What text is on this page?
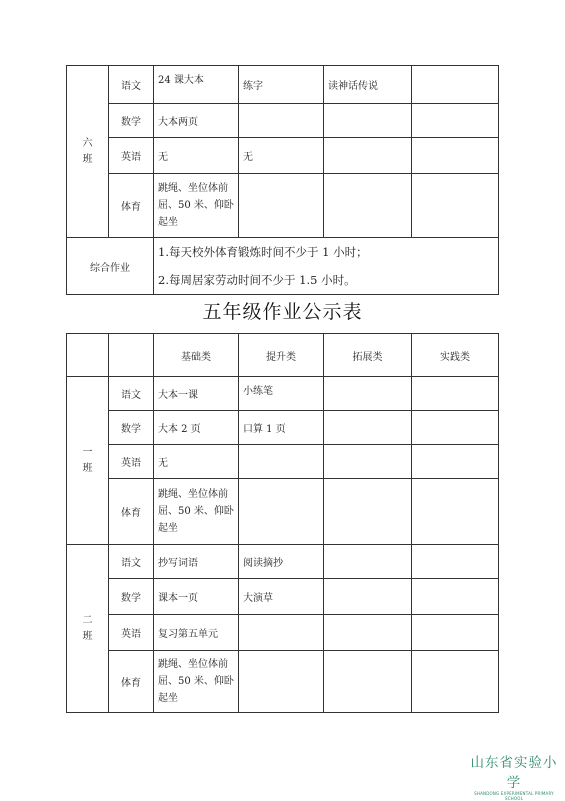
六
班	语文	24 课大本	练字	读神话传说	
	数学	大本两页			
	英语	无	无		
	体育	跳绳、坐位体前屈、50 米、仰卧起坐			
综合作业		1.每天校外体育锻炼时间不少于 1 小时；
2.每周居家劳动时间不少于 1.5 小时。			
五年级作业公示表
		基础类	提升类	拓展类	实践类
一
班	语文	大本一课	小练笔		
	数学	大本 2 页	口算 1 页		
	英语	无			
	体育	跳绳、坐位体前屈、50 米、仰卧起坐			
二
班	语文	抄写词语	阅读摘抄		
	数学	课本一页	大演草		
	英语	复习第五单元			
	体育	跳绳、坐位体前屈、50 米、仰卧起坐			
山东省实验小学
SHANDONG EXPERIMENTAL PRIMARY SCHOOL
